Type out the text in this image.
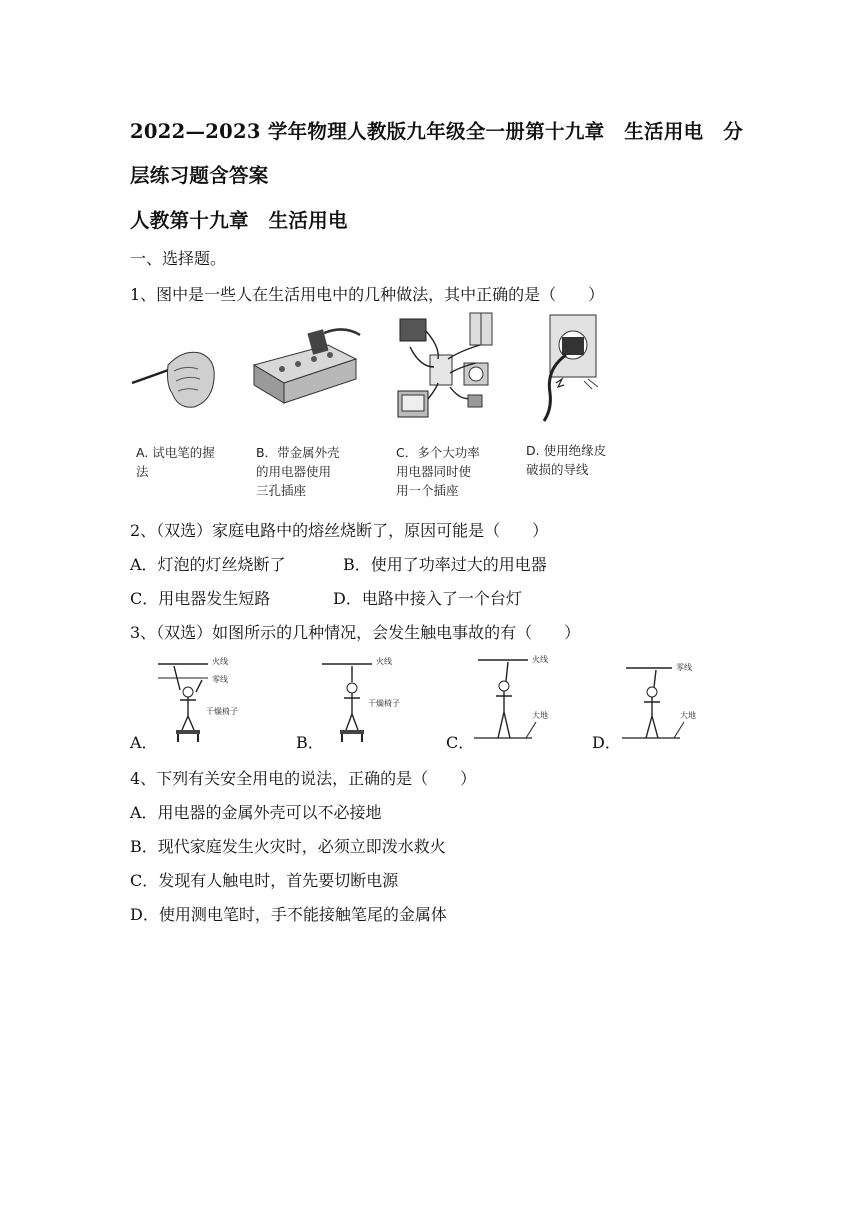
2022—2023 学年物理人教版九年级全一册第十九章　生活用电　分
层练习题含答案
人教第十九章　生活用电
一、选择题。
1、图中是一些人在生活用电中的几种做法，其中正确的是（　　）
A. 试电笔的握
法
B．带金属外壳
的用电器使用
三孔插座
C．多个大功率
用电器同时使
用一个插座
D. 使用绝缘皮
破损的导线
2、（双选）家庭电路中的熔丝烧断了，原因可能是（　　）
A．灯泡的灯丝烧断了	B．使用了功率过大的用电器
C．用电器发生短路	D．电路中接入了一个台灯
3、（双选）如图所示的几种情况，会发生触电事故的有（　　）
A．
火线
零线
干燥椅子
B．
火线
干燥椅子
C．
火线
大地
D．
零线
大地
4、下列有关安全用电的说法，正确的是（　　）
A．用电器的金属外壳可以不必接地
B．现代家庭发生火灾时，必须立即泼水救火
C．发现有人触电时，首先要切断电源
D．使用测电笔时，手不能接触笔尾的金属体
